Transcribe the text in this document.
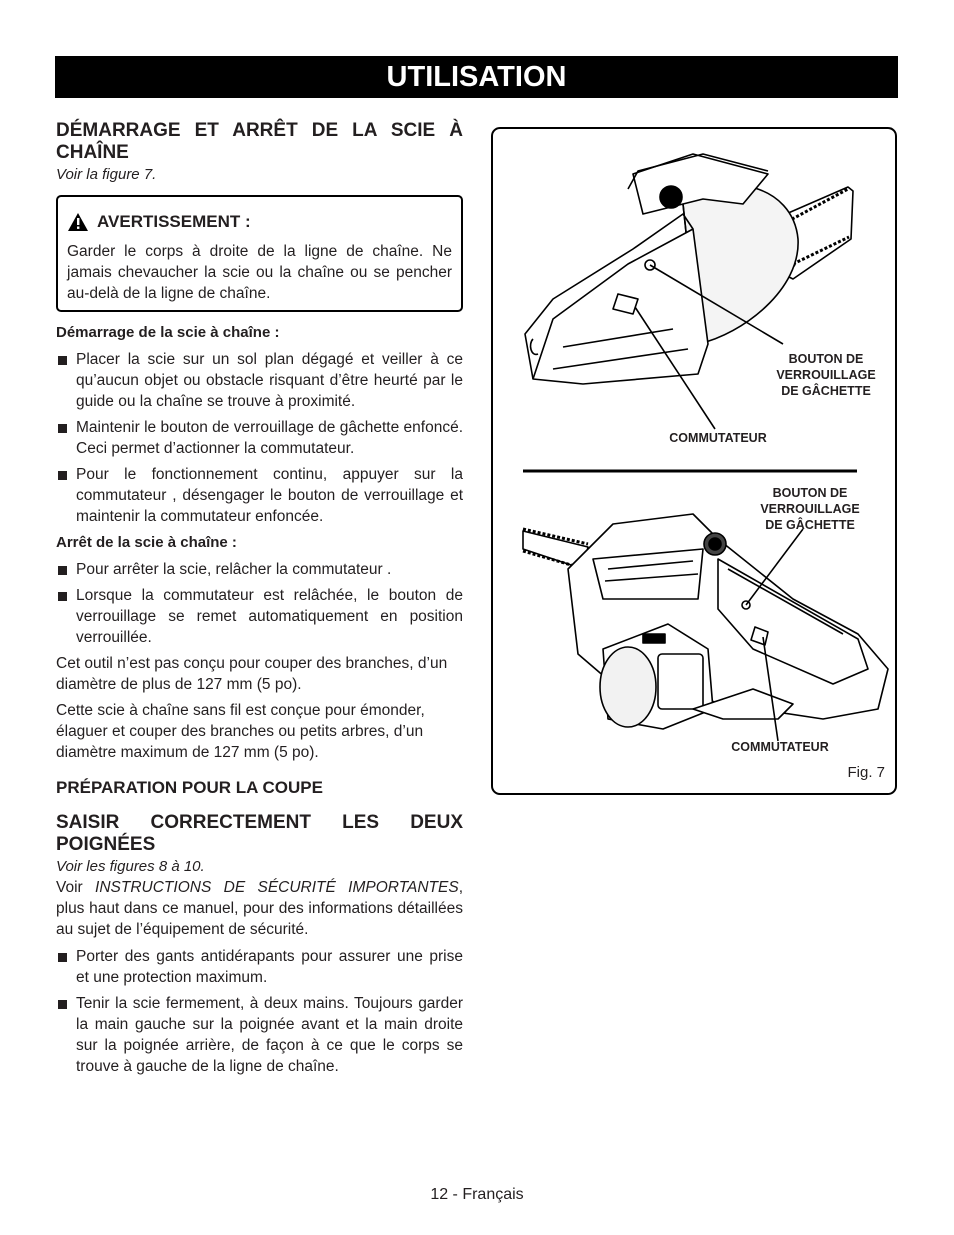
UTILISATION
DÉMARRAGE ET ARRÊT DE LA SCIE À CHAÎNE

Voir la figure 7.

AVERTISSEMENT :

Garder le corps à droite de la ligne de chaîne. Ne jamais chevaucher la scie ou la chaîne ou se pencher au-delà de la ligne de chaîne.

Démarrage de la scie à chaîne :

Placer la scie sur un sol plan dégagé et veiller à ce qu’aucun objet ou obstacle risquant d’être heurté par le guide ou la chaîne se trouve à proximité.
Maintenir le bouton de verrouillage de gâchette enfoncé. Ceci permet d’actionner la commutateur.
Pour le fonctionnement continu, appuyer sur la commutateur , désengager le bouton de verrouillage et maintenir la commutateur enfoncée.

Arrêt de la scie à chaîne :

Pour arrêter la scie, relâcher la commutateur .
Lorsque la commutateur est relâchée, le bouton de verrouillage se remet automatiquement en position verrouillée.

Cet outil n’est pas conçu pour couper des branches, d’un diamètre de plus de 127 mm (5 po).

Cette scie à chaîne sans fil est conçue pour émonder, élaguer et couper des branches ou petits arbres, d’un diamètre maximum de 127 mm (5 po).

PRÉPARATION POUR LA COUPE

SAISIR CORRECTEMENT LES DEUX POIGNÉES

Voir les figures 8 à 10.

Voir INSTRUCTIONS DE SÉCURITÉ IMPORTANTES, plus haut dans ce manuel, pour des informations détaillées au sujet de l’équipement de sécurité.

Porter des gants antidérapants pour assurer une prise et une protection maximum.
Tenir la scie fermement, à deux mains. Toujours garder la main gauche sur la poignée avant et la main droite sur la poignée arrière, de façon à ce que le corps se trouve à gauche de la ligne de chaîne.
BOUTON DE VERROUILLAGE DE GÂCHETTE
COMMUTATEUR
BOUTON DE VERROUILLAGE DE GÂCHETTE
COMMUTATEUR
Fig. 7
12 - Français
